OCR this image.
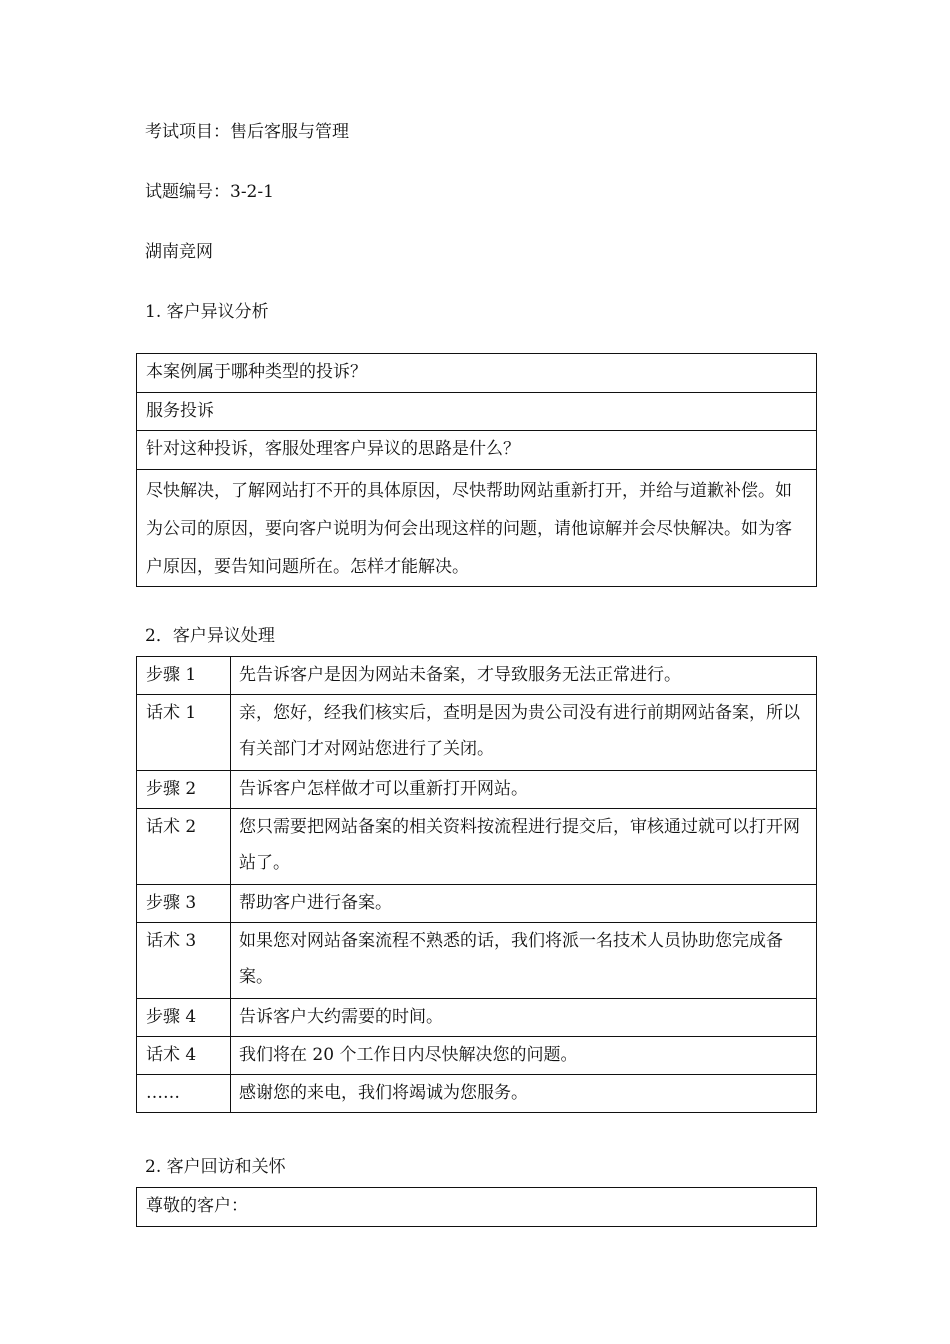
考试项目：售后客服与管理
试题编号：3-2-1
湖南竞网
1. 客户异议分析
本案例属于哪种类型的投诉？
服务投诉
针对这种投诉，客服处理客户异议的思路是什么？
尽快解决，了解网站打不开的具体原因，尽快帮助网站重新打开，并给与道歉补偿。如为公司的原因，要向客户说明为何会出现这样的问题，请他谅解并会尽快解决。如为客户原因，要告知问题所在。怎样才能解决。
2．客户异议处理
步骤 1	先告诉客户是因为网站未备案，才导致服务无法正常进行。
话术 1	亲，您好，经我们核实后，查明是因为贵公司没有进行前期网站备案，所以有关部门才对网站您进行了关闭。
步骤 2	告诉客户怎样做才可以重新打开网站。
话术 2	您只需要把网站备案的相关资料按流程进行提交后，审核通过就可以打开网站了。
步骤 3	帮助客户进行备案。
话术 3	如果您对网站备案流程不熟悉的话，我们将派一名技术人员协助您完成备案。
步骤 4	告诉客户大约需要的时间。
话术 4	我们将在 20 个工作日内尽快解决您的问题。
……	感谢您的来电，我们将竭诚为您服务。
2. 客户回访和关怀
尊敬的客户：
